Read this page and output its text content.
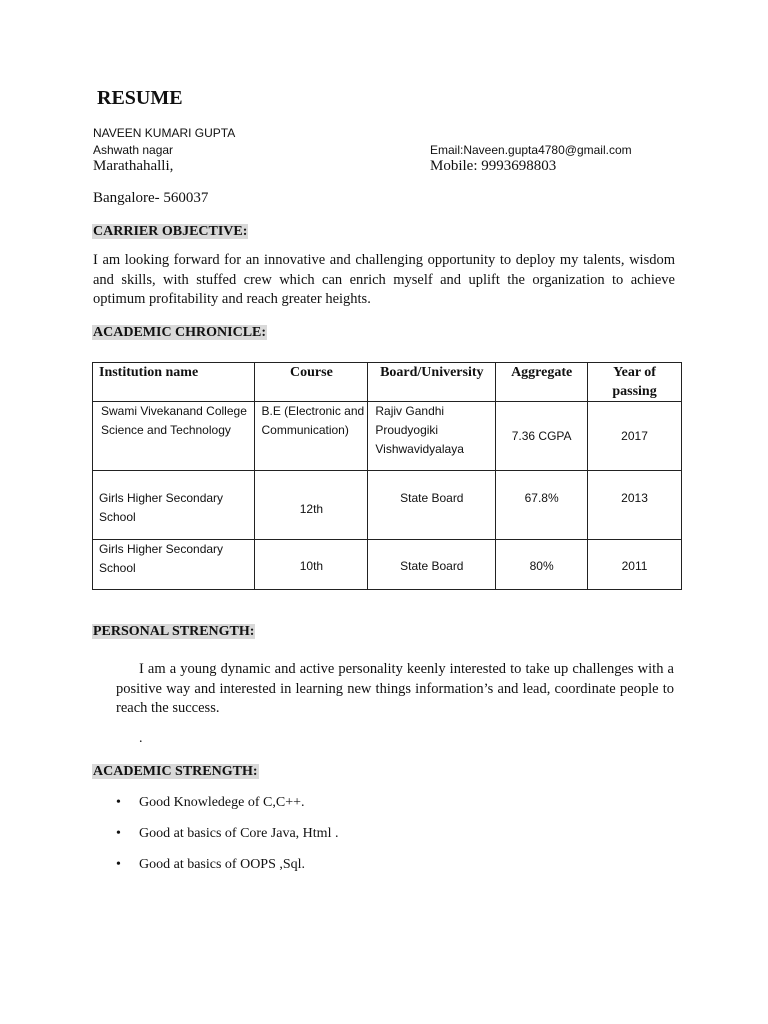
RESUME
NAVEEN KUMARI GUPTA
Ashwath nagar
Marathahalli,
Email:Naveen.gupta4780@gmail.com
Mobile: 9993698803
Bangalore- 560037
CARRIER OBJECTIVE:
I am looking forward for an innovative and challenging opportunity to deploy my talents, wisdom and skills, with stuffed crew which can enrich myself and uplift the organization to achieve optimum profitability and reach greater heights.
ACADEMIC CHRONICLE:
Institution name	Course	Board/University	Aggregate	Year of passing

Swami Vivekanand College Science and Technology	B.E (Electronic and Communication)	Rajiv Gandhi Proudyogiki Vishwavidyalaya	7.36 CGPA	2017

Girls Higher Secondary School	12th	State Board	67.8%	2013

Girls Higher Secondary School	10th	State Board	80%	2011
PERSONAL STRENGTH:
I am a young dynamic and active personality keenly interested to take up challenges with a positive way and interested in learning new things information’s and lead, coordinate people to reach the success.
.
ACADEMIC STRENGTH:
• Good Knowledege of C,C++.
• Good at basics of Core Java, Html .
• Good at basics of OOPS ,Sql.
